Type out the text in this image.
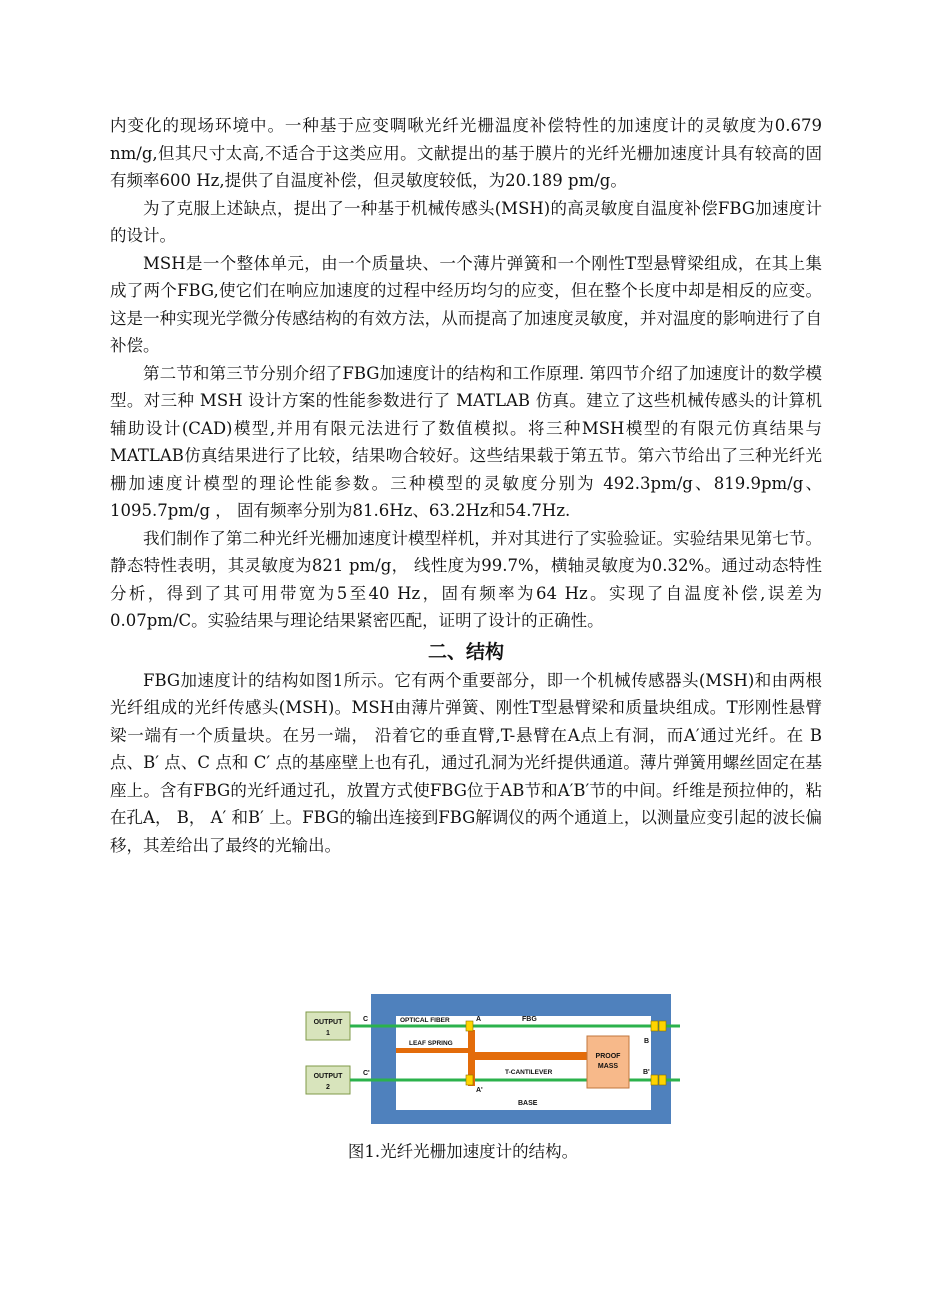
内变化的现场环境中。一种基于应变啁啾光纤光栅温度补偿特性的加速度计的灵敏度为0.679 nm/g,但其尺寸太高,不适合于这类应用。文献提出的基于膜片的光纤光栅加速度计具有较高的固有频率600 Hz,提供了自温度补偿，但灵敏度较低，为20.189 pm/g。

为了克服上述缺点，提出了一种基于机械传感头(MSH)的高灵敏度自温度补偿FBG加速度计的设计。

MSH是一个整体单元，由一个质量块、一个薄片弹簧和一个刚性T型悬臂梁组成，在其上集成了两个FBG,使它们在响应加速度的过程中经历均匀的应变，但在整个长度中却是相反的应变。这是一种实现光学微分传感结构的有效方法，从而提高了加速度灵敏度，并对温度的影响进行了自补偿。

第二节和第三节分别介绍了FBG加速度计的结构和工作原理. 第四节介绍了加速度计的数学模型。对三种 MSH 设计方案的性能参数进行了 MATLAB 仿真。建立了这些机械传感头的计算机辅助设计(CAD)模型,并用有限元法进行了数值模拟。将三种MSH模型的有限元仿真结果与MATLAB仿真结果进行了比较，结果吻合较好。这些结果载于第五节。第六节给出了三种光纤光栅加速度计模型的理论性能参数。三种模型的灵敏度分别为 492.3pm/g、819.9pm/g、1095.7pm/g ， 固有频率分别为81.6Hz、63.2Hz和54.7Hz.

我们制作了第二种光纤光栅加速度计模型样机，并对其进行了实验验证。实验结果见第七节。静态特性表明，其灵敏度为821 pm/g， 线性度为99.7%，横轴灵敏度为0.32%。通过动态特性分析，得到了其可用带宽为5至40 Hz，固有频率为64 Hz。实现了自温度补偿,误差为0.07pm/C。实验结果与理论结果紧密匹配，证明了设计的正确性。

二、结构

FBG加速度计的结构如图1所示。它有两个重要部分，即一个机械传感器头(MSH)和由两根光纤组成的光纤传感头(MSH)。MSH由薄片弹簧、刚性T型悬臂梁和质量块组成。T形刚性悬臂梁一端有一个质量块。在另一端， 沿着它的垂直臂,T-悬臂在A点上有洞，而A′通过光纤。在 B 点、B′ 点、C 点和 C′ 点的基座壁上也有孔，通过孔洞为光纤提供通道。薄片弹簧用螺丝固定在基座上。含有FBG的光纤通过孔，放置方式使FBG位于AB节和A′B′节的中间。纤维是预拉伸的，粘在孔A， B， A′ 和B′ 上。FBG的输出连接到FBG解调仪的两个通道上，以测量应变引起的波长偏移，其差给出了最终的光输出。

OUTPUT
1
OUTPUT
2
PROOF
MASS
C
C'
OPTICAL FIBER
LEAF SPRING
A
A'
FBG
T-CANTILEVER
B
B'
BASE
图1.光纤光栅加速度计的结构。
